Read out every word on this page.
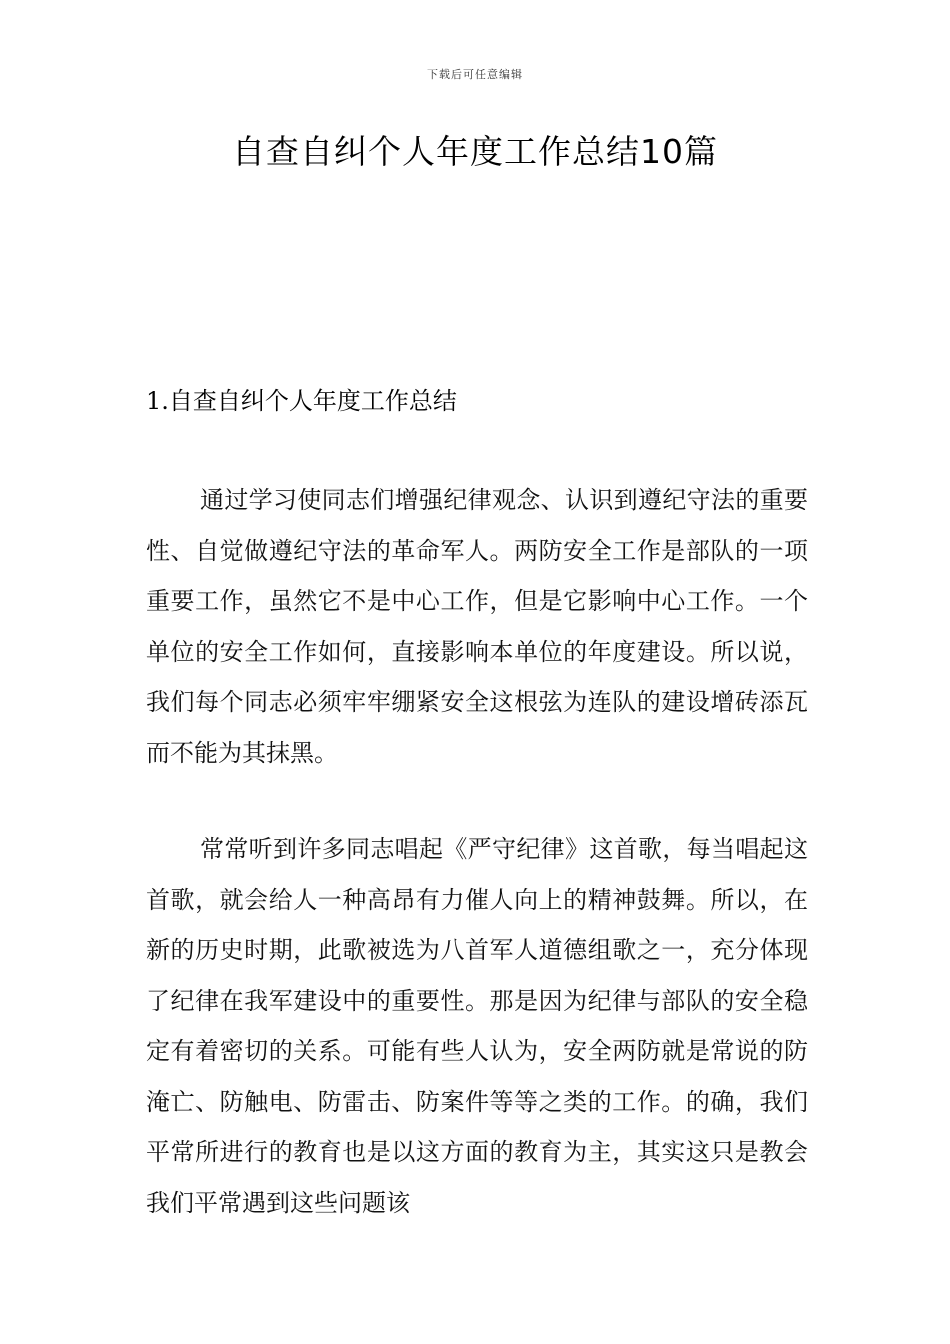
下载后可任意编辑
自查自纠个人年度工作总结10篇
1.自查自纠个人年度工作总结

通过学习使同志们增强纪律观念、认识到遵纪守法的重要性、自觉做遵纪守法的革命军人。两防安全工作是部队的一项重要工作，虽然它不是中心工作，但是它影响中心工作。一个单位的安全工作如何，直接影响本单位的年度建设。所以说，我们每个同志必须牢牢绷紧安全这根弦为连队的建设增砖添瓦而不能为其抹黑。

常常听到许多同志唱起《严守纪律》这首歌，每当唱起这首歌，就会给人一种高昂有力催人向上的精神鼓舞。所以，在新的历史时期，此歌被选为八首军人道德组歌之一，充分体现了纪律在我军建设中的重要性。那是因为纪律与部队的安全稳定有着密切的关系。可能有些人认为，安全两防就是常说的防淹亡、防触电、防雷击、防案件等等之类的工作。的确，我们平常所进行的教育也是以这方面的教育为主，其实这只是教会我们平常遇到这些问题该
